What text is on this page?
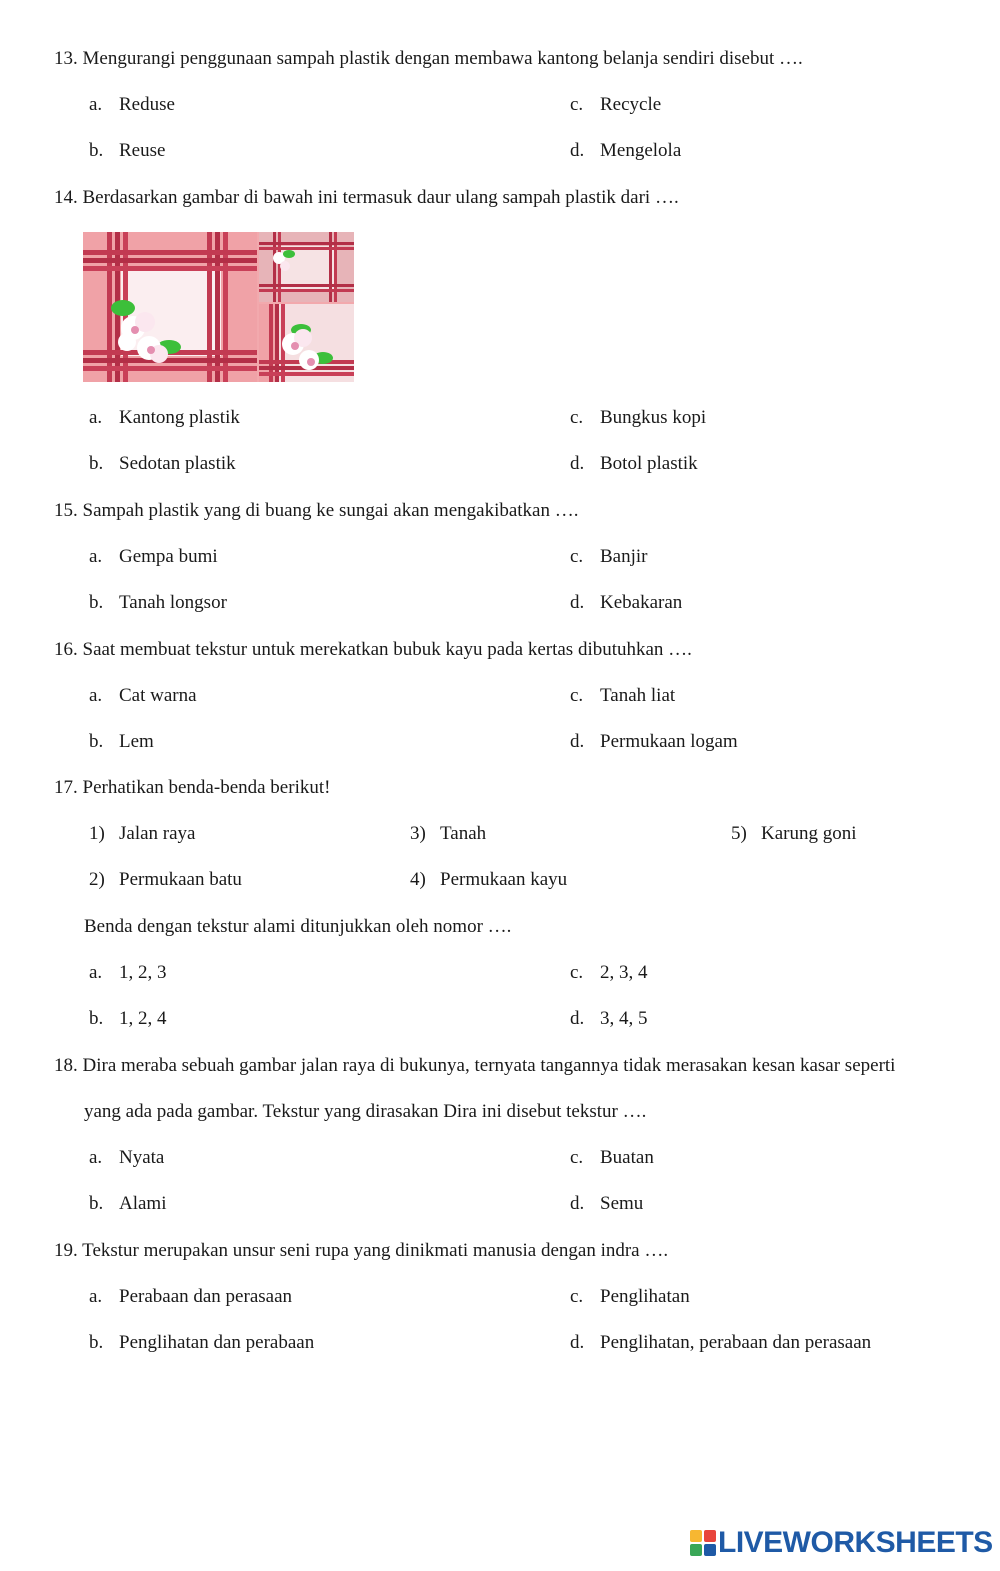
13. Mengurangi penggunaan sampah plastik dengan membawa kantong belanja sendiri disebut ….
a. Reduse	c. Recycle
b. Reuse	d. Mengelola
14. Berdasarkan gambar di bawah ini termasuk daur ulang sampah plastik dari ….
a. Kantong plastik	c. Bungkus kopi
b. Sedotan plastik	d. Botol plastik
15. Sampah plastik yang di buang ke sungai akan mengakibatkan ….
a. Gempa bumi	c. Banjir
b. Tanah longsor	d. Kebakaran
16. Saat membuat tekstur untuk merekatkan bubuk kayu pada kertas dibutuhkan ….
a. Cat warna	c. Tanah liat
b. Lem	d. Permukaan logam
17. Perhatikan benda-benda berikut!
1) Jalan raya	3) Tanah	5) Karung goni
2) Permukaan batu	4) Permukaan kayu
Benda dengan tekstur alami ditunjukkan oleh nomor ….
a. 1, 2, 3	c. 2, 3, 4
b. 1, 2, 4	d. 3, 4, 5
18. Dira meraba sebuah gambar jalan raya di bukunya, ternyata tangannya tidak merasakan kesan kasar seperti
yang ada pada gambar. Tekstur yang dirasakan Dira ini disebut tekstur ….
a. Nyata	c. Buatan
b. Alami	d. Semu
19. Tekstur merupakan unsur seni rupa yang dinikmati manusia dengan indra ….
a. Perabaan dan perasaan	c. Penglihatan
b. Penglihatan dan perabaan	d. Penglihatan, perabaan dan perasaan
LIVEWORKSHEETS
